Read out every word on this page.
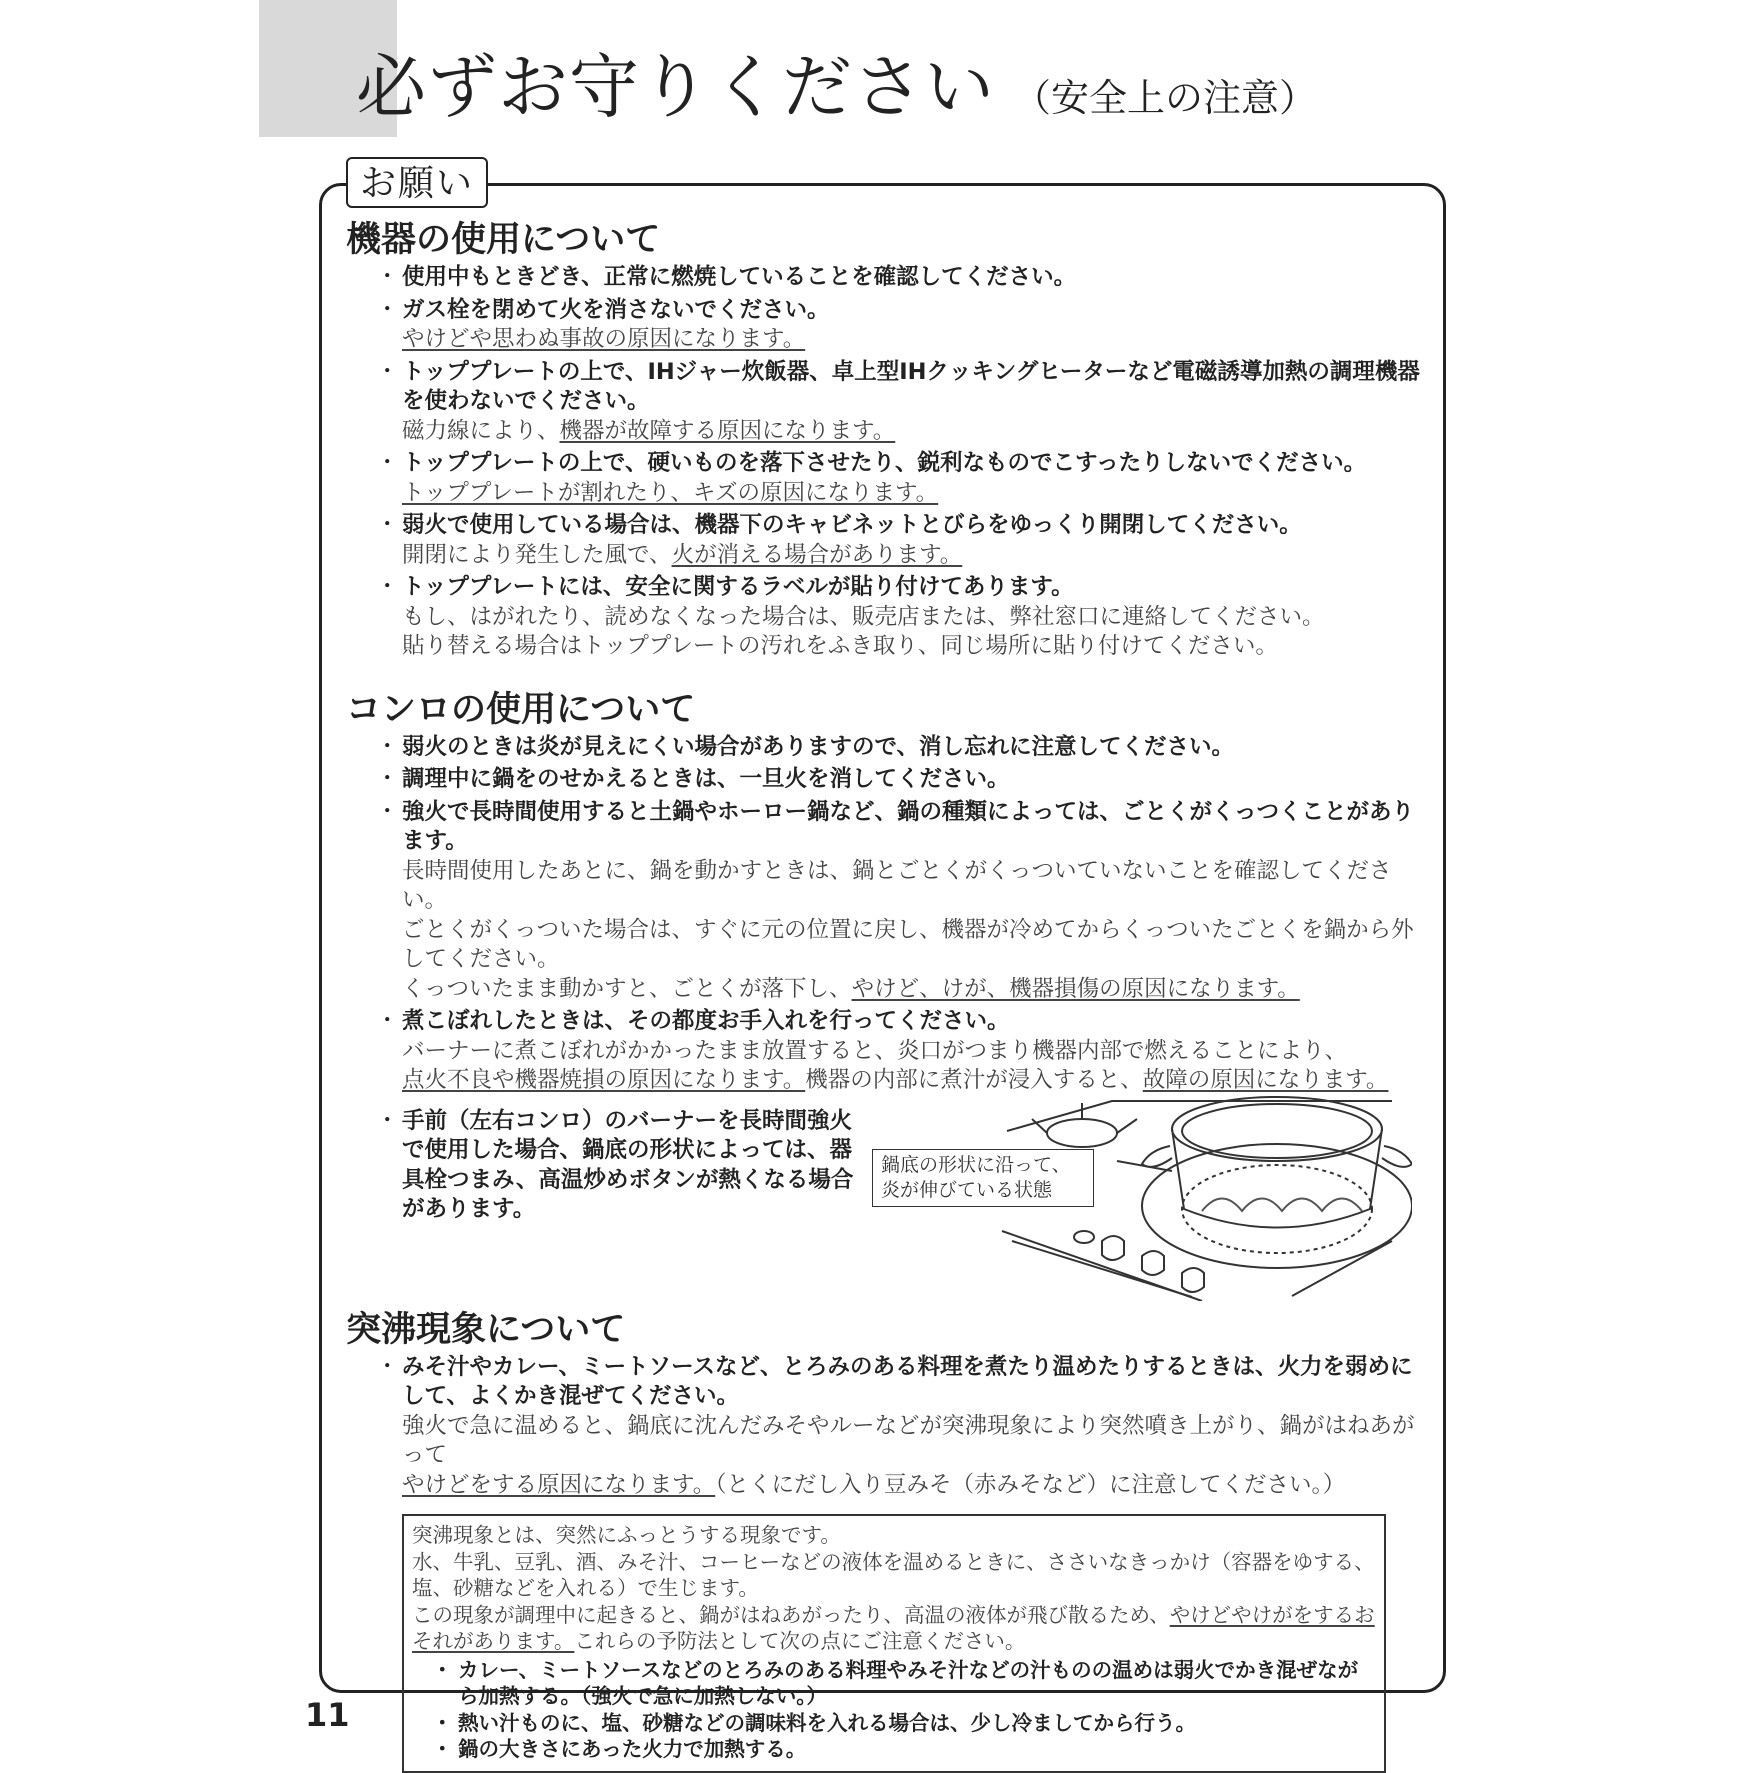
必ずお守りください （安全上の注意）
お願い
機器の使用について
・ 使用中もときどき、正常に燃焼していることを確認してください。
・ ガス栓を閉めて火を消さないでください。
やけどや思わぬ事故の原因になります。
・ トッププレートの上で、IHジャー炊飯器、卓上型IHクッキングヒーターなど電磁誘導加熱の調理機器を使わないでください。
磁力線により、機器が故障する原因になります。
・ トッププレートの上で、硬いものを落下させたり、鋭利なものでこすったりしないでください。
トッププレートが割れたり、キズの原因になります。
・ 弱火で使用している場合は、機器下のキャビネットとびらをゆっくり開閉してください。
開閉により発生した風で、火が消える場合があります。
・ トッププレートには、安全に関するラベルが貼り付けてあります。
もし、はがれたり、読めなくなった場合は、販売店または、弊社窓口に連絡してください。
貼り替える場合はトッププレートの汚れをふき取り、同じ場所に貼り付けてください。
コンロの使用について
・ 弱火のときは炎が見えにくい場合がありますので、消し忘れに注意してください。
・ 調理中に鍋をのせかえるときは、一旦火を消してください。
・ 強火で長時間使用すると土鍋やホーロー鍋など、鍋の種類によっては、ごとくがくっつくことがあります。
長時間使用したあとに、鍋を動かすときは、鍋とごとくがくっついていないことを確認してください。
ごとくがくっついた場合は、すぐに元の位置に戻し、機器が冷めてからくっついたごとくを鍋から外してください。
くっついたまま動かすと、ごとくが落下し、やけど、けが、機器損傷の原因になります。
・ 煮こぼれしたときは、その都度お手入れを行ってください。
バーナーに煮こぼれがかかったまま放置すると、炎口がつまり機器内部で燃えることにより、
点火不良や機器焼損の原因になります。機器の内部に煮汁が浸入すると、故障の原因になります。
・ 手前（左右コンロ）のバーナーを長時間強火で使用した場合、鍋底の形状によっては、器具栓つまみ、高温炒めボタンが熱くなる場合があります。
鍋底の形状に沿って、炎が伸びている状態
突沸現象について
・ みそ汁やカレー、ミートソースなど、とろみのある料理を煮たり温めたりするときは、火力を弱めにして、よくかき混ぜてください。
強火で急に温めると、鍋底に沈んだみそやルーなどが突沸現象により突然噴き上がり、鍋がはねあがって
やけどをする原因になります。（とくにだし入り豆みそ（赤みそなど）に注意してください。）
突沸現象とは、突然にふっとうする現象です。
水、牛乳、豆乳、酒、みそ汁、コーヒーなどの液体を温めるときに、ささいなきっかけ（容器をゆする、塩、砂糖などを入れる）で生じます。
この現象が調理中に起きると、鍋がはねあがったり、高温の液体が飛び散るため、やけどやけがをするおそれがあります。これらの予防法として次の点にご注意ください。
・ カレー、ミートソースなどのとろみのある料理やみそ汁などの汁ものの温めは弱火でかき混ぜながら加熱する。（強火で急に加熱しない。）
・ 熱い汁ものに、塩、砂糖などの調味料を入れる場合は、少し冷ましてから行う。
・ 鍋の大きさにあった火力で加熱する。
11
